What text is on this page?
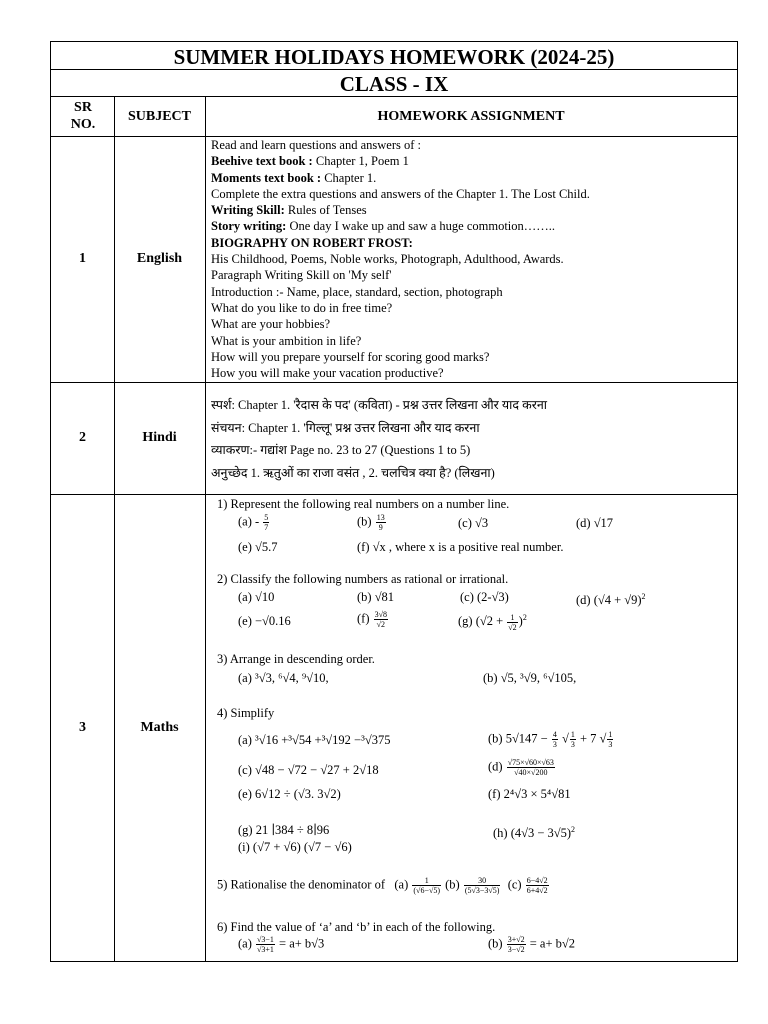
SUMMER HOLIDAYS HOMEWORK (2024-25)
CLASS - IX
SR NO.
SUBJECT	HOMEWORK ASSIGNMENT
1	English
Read and learn questions and answers of :
Beehive text book : Chapter 1, Poem 1
Moments text book : Chapter 1.
Complete the extra questions and answers of the Chapter 1. The Lost Child.
Writing Skill: Rules of Tenses
Story writing: One day I wake up and saw a huge commotion……..
BIOGRAPHY ON ROBERT FROST:
His Childhood, Poems, Noble works, Photograph, Adulthood, Awards.
Paragraph Writing Skill on 'My self'
Introduction :- Name, place, standard, section, photograph
What do you like to do in free time?
What are your hobbies?
What is your ambition in life?
How will you prepare yourself for scoring good marks?
How you will make your vacation productive?
2	Hindi
स्पर्श: Chapter 1. 'रैदास के पद' (कविता) - प्रश्न उत्तर लिखना और याद करना
संचयन: Chapter 1. 'गिल्लू' प्रश्न उत्तर लिखना और याद करना
व्याकरण:- गद्यांश Page no. 23 to 27 (Questions 1 to 5)
अनुच्छेद 1. ऋतुओं का राजा वसंत , 2. चलचित्र क्या है? (लिखना)
3	Maths
1) Represent the following real numbers on a number line.
$(a) - \frac{5}{7}$	$(b) \frac{13}{9}$	(c) √3	(d) √17
(e) √5.7	(f) √x , where x is a positive real number.
2) Classify the following numbers as rational or irrational.
(a) √10	(b) √81	(c) (2-√3)	(d) $(√4 + √9)^2$
(e) −√0.16	$(f) \frac{3√8}{√2}$	(g) $(√2 + \frac{1}{√2} )^2$
3) Arrange in descending order.
(a) ³√3, ⁶√4, ⁹√10,	(b) √5, ³√9, ⁶√105,
4) Simplify
(a) ³√16 +³√54 +³√192 −³√375	(b) $5√147 - \frac{4}{3}$ √ $\frac{1}{3} + 7$ √ $\frac{1}{3}$
(c) √48 − √72 − √27 + 2√18	$(d) \frac{√75\times√60\times√63}{√40\times√200}$
(e) 6√12 ÷ (√3. 3√2)	(f) 2⁴√3 × 5⁴√81
(g) 21 ∣384 ÷ 8∣96	(h) $(4√3 - 3√5)^2$
(i) (√7 + √6) (√7 − √6)
5) Rationalise the denominator of $(a) \frac{1}{(√6-√5)} (b) \frac{30}{(5√3-3√5)} (c) \frac{6-4√2}{6+4√2}$
6) Find the value of ‘a’ and ‘b’ in each of the following.
$(a) \frac{√3-1}{√3+1} = a+ b√3$	$(b) \frac{3+√2}{3-√2} = a+ b√2$
